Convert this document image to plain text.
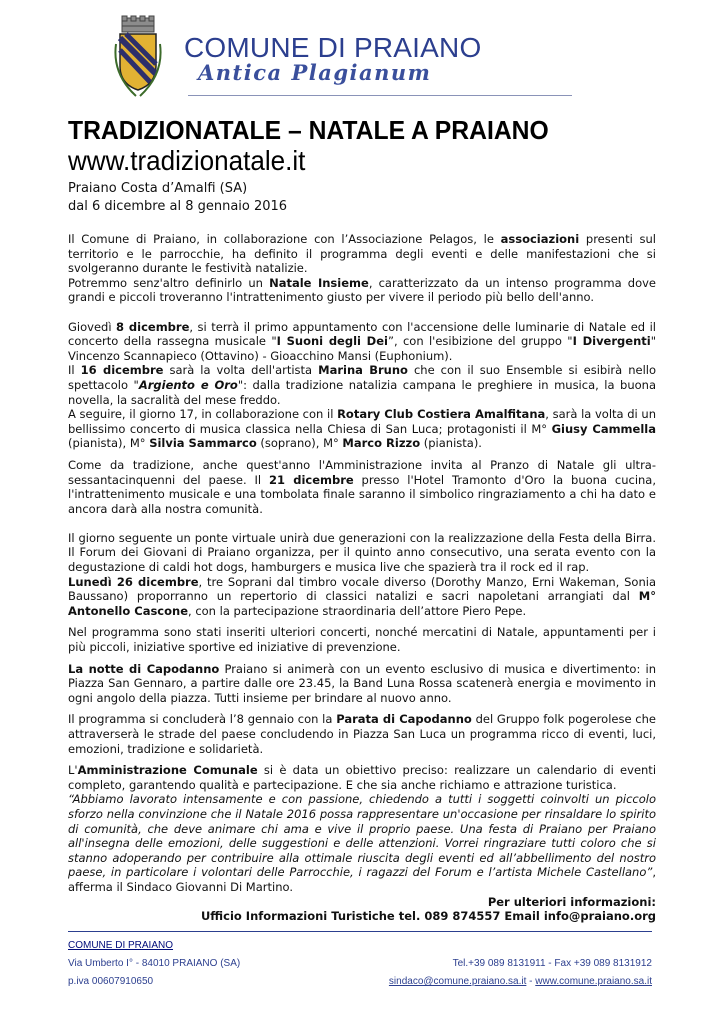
COMUNE DI PRAIANO
Antica Plagianum
TRADIZIONATALE – NATALE A PRAIANO
www.tradizionatale.it
Praiano Costa d’Amalfi (SA)
dal 6 dicembre al 8 gennaio 2016

Il Comune di Praiano, in collaborazione con l’Associazione Pelagos, le associazioni presenti sul territorio e le parrocchie, ha definito il programma degli eventi e delle manifestazioni che si svolgeranno durante le festività natalizie.

Potremmo senz'altro definirlo un Natale Insieme, caratterizzato da un intenso programma dove grandi e piccoli troveranno l'intrattenimento giusto per vivere il periodo più bello dell'anno.

Giovedì 8 dicembre, si terrà il primo appuntamento con l'accensione delle luminarie di Natale ed il concerto della rassegna musicale "I Suoni degli Dei”, con l'esibizione del gruppo "I Divergenti" Vincenzo Scannapieco (Ottavino) - Gioacchino Mansi (Euphonium).

Il 16 dicembre sarà la volta dell'artista Marina Bruno che con il suo Ensemble si esibirà nello spettacolo "Argiento e Oro": dalla tradizione natalizia campana le preghiere in musica, la buona novella, la sacralità del mese freddo.

A seguire, il giorno 17, in collaborazione con il Rotary Club Costiera Amalfitana, sarà la volta di un bellissimo concerto di musica classica nella Chiesa di San Luca; protagonisti il M° Giusy Cammella (pianista), M° Silvia Sammarco (soprano), M° Marco Rizzo (pianista).

Come da tradizione, anche quest'anno l'Amministrazione invita al Pranzo di Natale gli ultra-sessantacinquenni del paese. Il 21 dicembre presso l'Hotel Tramonto d'Oro la buona cucina, l'intrattenimento musicale e una tombolata finale saranno il simbolico ringraziamento a chi ha dato e ancora darà alla nostra comunità.

Il giorno seguente un ponte virtuale unirà due generazioni con la realizzazione della Festa della Birra. Il Forum dei Giovani di Praiano organizza, per il quinto anno consecutivo, una serata evento con la degustazione di caldi hot dogs, hamburgers e musica live che spazierà tra il rock ed il rap.

Lunedì 26 dicembre, tre Soprani dal timbro vocale diverso (Dorothy Manzo, Erni Wakeman, Sonia Baussano) proporranno un repertorio di classici natalizi e sacri napoletani arrangiati dal M° Antonello Cascone, con la partecipazione straordinaria dell’attore Piero Pepe.

Nel programma sono stati inseriti ulteriori concerti, nonché mercatini di Natale, appuntamenti per i più piccoli, iniziative sportive ed iniziative di prevenzione.

La notte di Capodanno Praiano si animerà con un evento esclusivo di musica e divertimento: in Piazza San Gennaro, a partire dalle ore 23.45, la Band Luna Rossa scatenerà energia e movimento in ogni angolo della piazza. Tutti insieme per brindare al nuovo anno.

Il programma si concluderà l’8 gennaio con la Parata di Capodanno del Gruppo folk pogerolese che attraverserà le strade del paese concludendo in Piazza San Luca un programma ricco di eventi, luci, emozioni, tradizione e solidarietà.

L'Amministrazione Comunale si è data un obiettivo preciso: realizzare un calendario di eventi completo, garantendo qualità e partecipazione. E che sia anche richiamo e attrazione turistica.

“Abbiamo lavorato intensamente e con passione, chiedendo a tutti i soggetti coinvolti un piccolo sforzo nella convinzione che il Natale 2016 possa rappresentare un'occasione per rinsaldare lo spirito di comunità, che deve animare chi ama e vive il proprio paese. Una festa di Praiano per Praiano all'insegna delle emozioni, delle suggestioni e delle attenzioni. Vorrei ringraziare tutti coloro che si stanno adoperando per contribuire alla ottimale riuscita degli eventi ed all’abbellimento del nostro paese, in particolare i volontari delle Parrocchie, i ragazzi del Forum e l’artista Michele Castellano”, afferma il Sindaco Giovanni Di Martino.

Per ulteriori informazioni:

Ufficio Informazioni Turistiche tel. 089 874557 Email info@praiano.org

COMUNE DI PRAIANO
Via Umberto I° - 84010 PRAIANO (SA)
p.iva 00607910650
Tel.+39 089 8131911 - Fax +39 089 8131912
sindaco@comune.praiano.sa.it - www.comune.praiano.sa.it
